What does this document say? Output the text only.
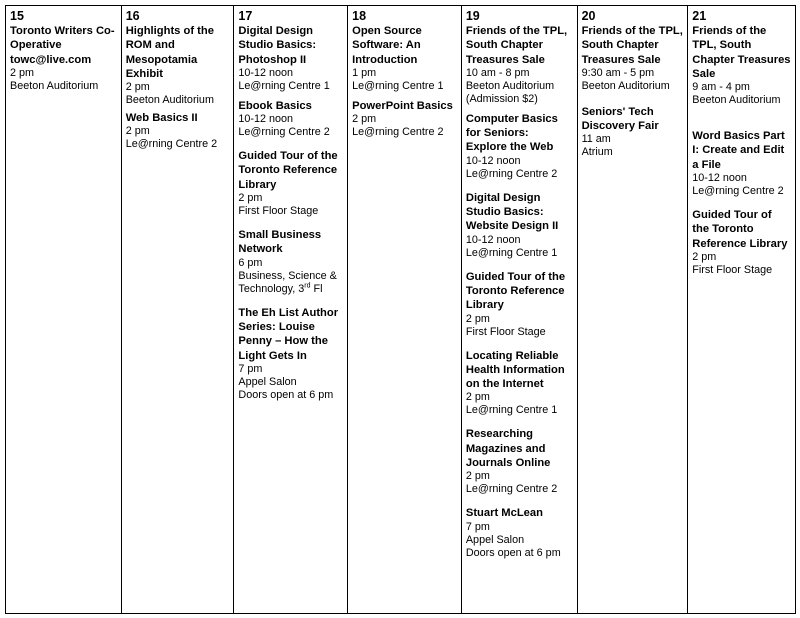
15
Toronto Writers Co-Operative towc@live.com
2 pm
Beeton Auditorium
16
Highlights of the ROM and Mesopotamia Exhibit
2 pm
Beeton Auditorium
Web Basics II
2 pm
Le@rning Centre 2
17
Digital Design Studio Basics: Photoshop II
10-12 noon
Le@rning Centre 1
Ebook Basics
10-12 noon
Le@rning Centre 2
Guided Tour of the Toronto Reference Library
2 pm
First Floor Stage
Small Business Network
6 pm
Business, Science &
Technology, 3rd Fl
The Eh List Author Series: Louise Penny – How the Light Gets In
7 pm
Appel Salon
Doors open at 6 pm
18
Open Source Software: An Introduction
1 pm
Le@rning Centre 1
PowerPoint Basics
2 pm
Le@rning Centre 2
19
Friends of the TPL, South Chapter Treasures Sale
10 am - 8 pm
Beeton Auditorium
(Admission $2)
Computer Basics for Seniors: Explore the Web
10-12 noon
Le@rning Centre 2
Digital Design Studio Basics: Website Design II
10-12 noon
Le@rning Centre 1
Guided Tour of the Toronto Reference Library
2 pm
First Floor Stage
Locating Reliable Health Information on the Internet
2 pm
Le@rning Centre 1
Researching Magazines and Journals Online
2 pm
Le@rning Centre 2
Stuart McLean
7 pm
Appel Salon
Doors open at 6 pm
20
Friends of the TPL, South Chapter Treasures Sale
9:30 am - 5 pm
Beeton Auditorium
Seniors' Tech Discovery Fair
11 am
Atrium
21
Friends of the TPL, South Chapter Treasures Sale
9 am - 4 pm
Beeton Auditorium
Word Basics Part I: Create and Edit a File
10-12 noon
Le@rning Centre 2
Guided Tour of the Toronto Reference Library
2 pm
First Floor Stage
